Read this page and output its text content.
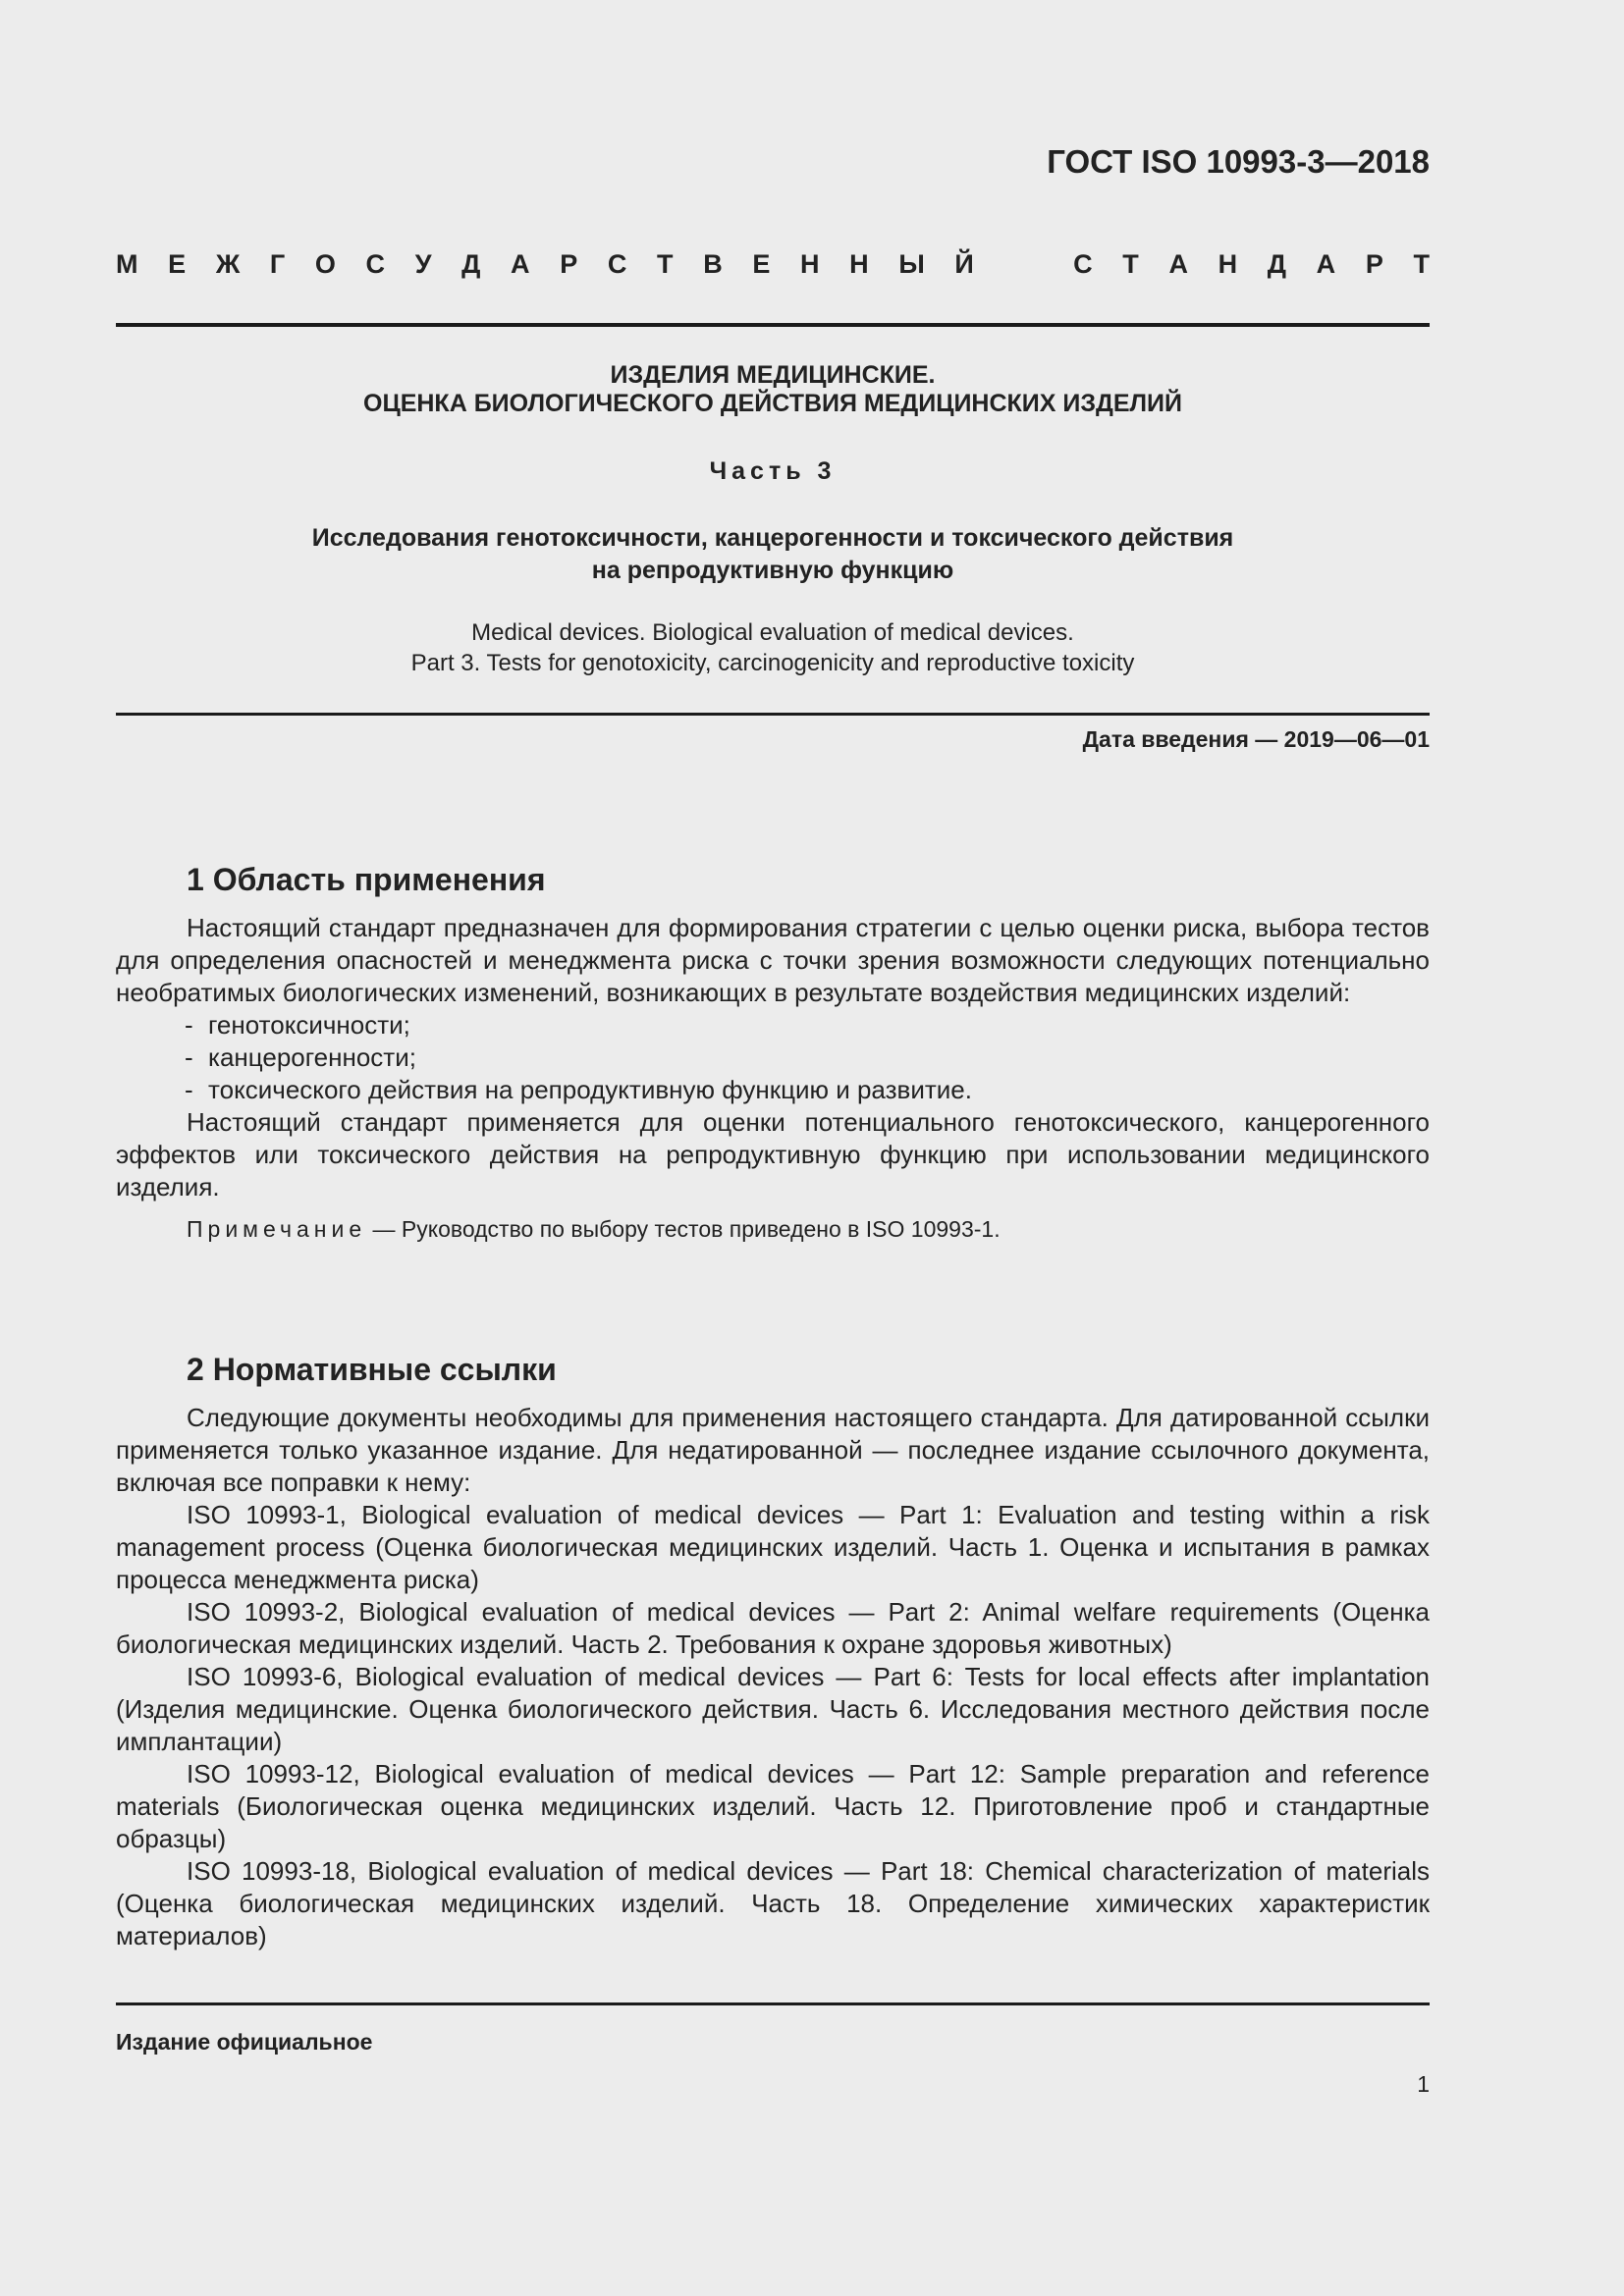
ГОСТ ISO 10993-3—2018
М Е Ж Г О С У Д А Р С Т В Е Н Н Ы Й	С Т А Н Д А Р Т
ИЗДЕЛИЯ МЕДИЦИНСКИЕ.
ОЦЕНКА БИОЛОГИЧЕСКОГО ДЕЙСТВИЯ МЕДИЦИНСКИХ ИЗДЕЛИЙ
Часть 3
Исследования генотоксичности, канцерогенности и токсического действия
на репродуктивную функцию
Medical devices. Biological evaluation of medical devices.
Part 3. Tests for genotoxicity, carcinogenicity and reproductive toxicity
Дата введения — 2019—06—01
1 Область применения

Настоящий стандарт предназначен для формирования стратегии с целью оценки риска, выбора тестов для определения опасностей и менеджмента риска с точки зрения возможности следующих потенциально необратимых биологических изменений, возникающих в результате воздействия медицинских изделий:

- генотоксичности;
- канцерогенности;
- токсического действия на репродуктивную функцию и развитие.

Настоящий стандарт применяется для оценки потенциального генотоксического, канцерогенного эффектов или токсического действия на репродуктивную функцию при использовании медицинского изделия.

Примечание — Руководство по выбору тестов приведено в ISO 10993-1.

2 Нормативные ссылки

Следующие документы необходимы для применения настоящего стандарта. Для датированной ссылки применяется только указанное издание. Для недатированной — последнее издание ссылочного документа, включая все поправки к нему:

ISO 10993-1, Biological evaluation of medical devices — Part 1: Evaluation and testing within a risk management process (Оценка биологическая медицинских изделий. Часть 1. Оценка и испытания в рамках процесса менеджмента риска)

ISO 10993-2, Biological evaluation of medical devices — Part 2: Animal welfare requirements (Оценка биологическая медицинских изделий. Часть 2. Требования к охране здоровья животных)

ISO 10993-6, Biological evaluation of medical devices — Part 6: Tests for local effects after implantation (Изделия медицинские. Оценка биологического действия. Часть 6. Исследования местного действия после имплантации)

ISO 10993-12, Biological evaluation of medical devices — Part 12: Sample preparation and reference materials (Биологическая оценка медицинских изделий. Часть 12. Приготовление проб и стандартные образцы)

ISO 10993-18, Biological evaluation of medical devices — Part 18: Chemical characterization of materials (Оценка биологическая медицинских изделий. Часть 18. Определение химических характеристик материалов)

Издание официальное
1
